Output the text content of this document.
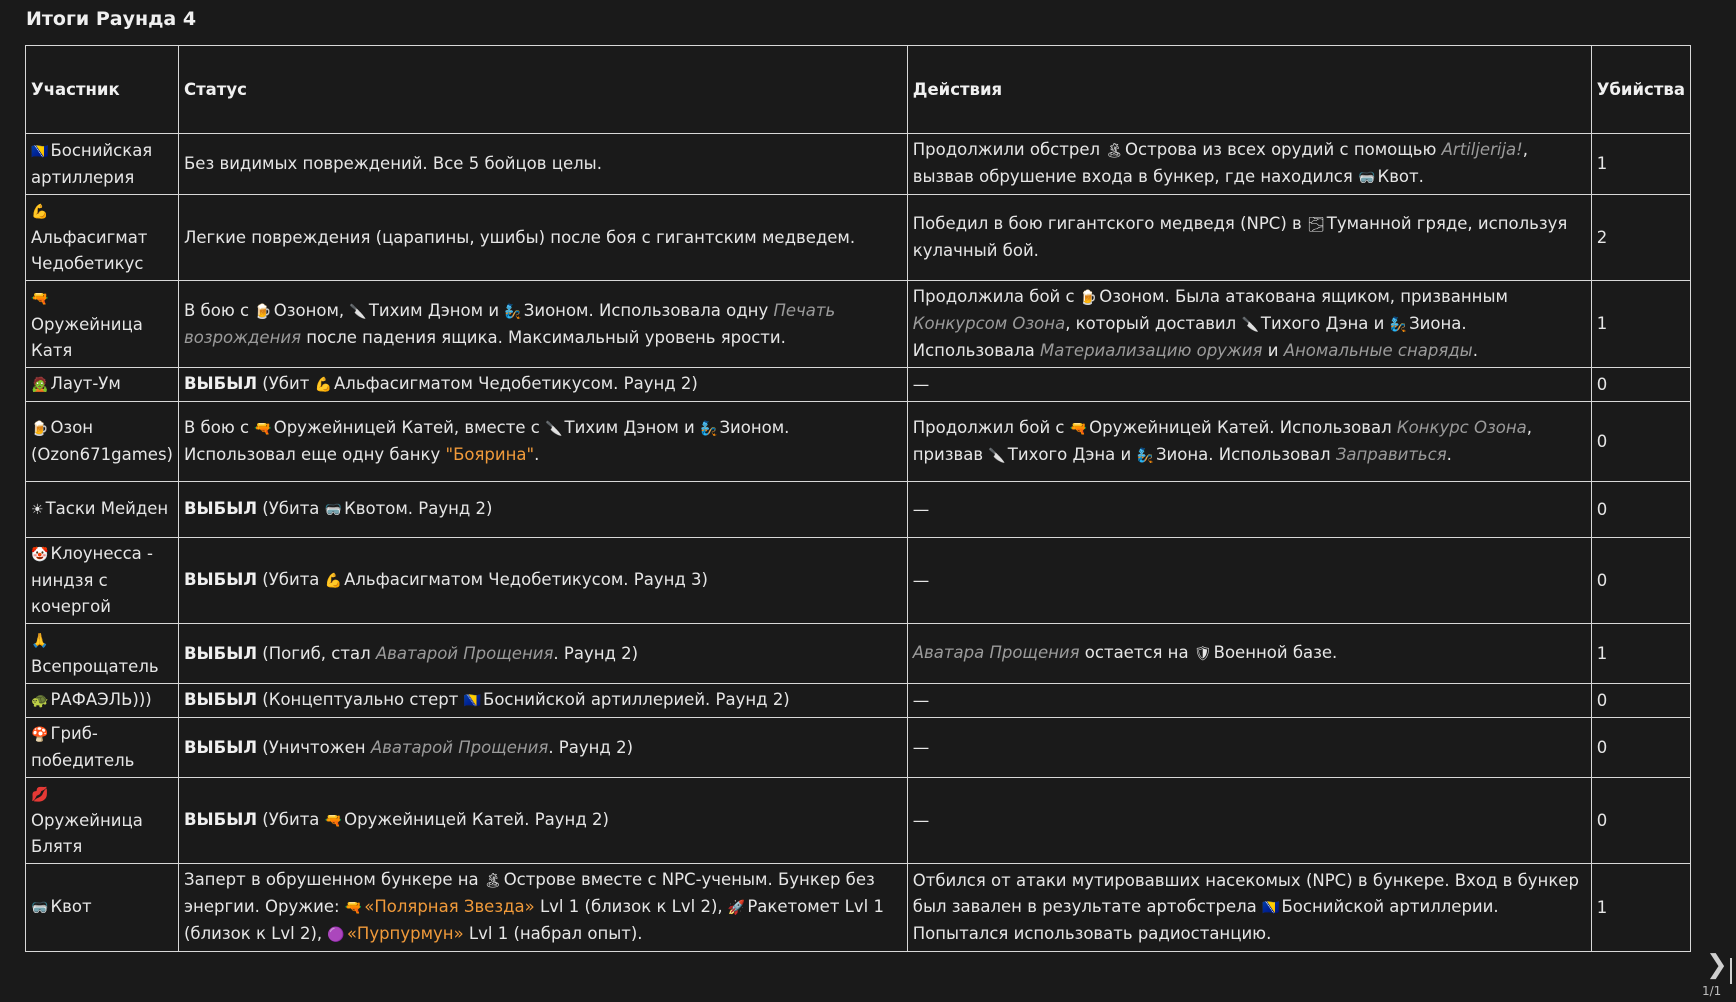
Итоги Раунда 4
Участник	Статус	Действия	Убийства
🇧🇦 Боснийская артиллерия	Без видимых повреждений. Все 5 бойцов целы.	Продолжили обстрел 🏝 Острова из всех орудий с помощью Artiljerija!, вызвав обрушение входа в бункер, где находился 🥽 Квот.	1
💪
Альфасигмат Чедобетикус	Легкие повреждения (царапины, ушибы) после боя с гигантским медведем.	Победил в бою гигантского медведя (NPC) в 🌫 Туманной гряде, используя кулачный бой.	2
🔫
Оружейница Катя	В бою с 🍺 Озоном, 🔪 Тихим Дэном и 🧞 Зионом. Использовала одну Печать возрождения после падения ящика. Максимальный уровень ярости.	Продолжила бой с 🍺 Озоном. Была атакована ящиком, призванным Конкурсом Озона, который доставил 🔪 Тихого Дэна и 🧞 Зиона. Использовала Материализацию оружия и Аномальные снаряды.	1
🧟 Лаут-Ум	ВЫБЫЛ (Убит 💪 Альфасигматом Чедобетикусом. Раунд 2)	—	0
🍺 Озон (Ozon671games)	В бою с 🔫 Оружейницей Катей, вместе с 🔪 Тихим Дэном и 🧞 Зионом. Использовал еще одну банку "Боярина".	Продолжил бой с 🔫 Оружейницей Катей. Использовал Конкурс Озона, призвав 🔪 Тихого Дэна и 🧞 Зиона. Использовал Заправиться.	0
☀ Таски Мейден	ВЫБЫЛ (Убита 🥽 Квотом. Раунд 2)	—	0
🤡 Клоунесса - ниндзя с кочергой	ВЫБЫЛ (Убита 💪 Альфасигматом Чедобетикусом. Раунд 3)	—	0
🙏
Всепрощатель	ВЫБЫЛ (Погиб, стал Аватарой Прощения. Раунд 2)	Аватара Прощения остается на 🛡 Военной базе.	1
🐢 РАФАЭЛЬ)))	ВЫБЫЛ (Концептуально стерт 🇧🇦 Боснийской артиллерией. Раунд 2)	—	0
🍄 Гриб-победитель	ВЫБЫЛ (Уничтожен Аватарой Прощения. Раунд 2)	—	0
💋
Оружейница Блятя	ВЫБЫЛ (Убита 🔫 Оружейницей Катей. Раунд 2)	—	0
🥽 Квот	Заперт в обрушенном бункере на 🏝 Острове вместе с NPC-ученым. Бункер без энергии. Оружие: 🔫 «Полярная Звезда» Lvl 1 (близок к Lvl 2), 🚀 Ракетомет Lvl 1 (близок к Lvl 2), 🟣 «Пурпурмун» Lvl 1 (набрал опыт).	Отбился от атаки мутировавших насекомых (NPC) в бункере. Вход в бункер был завален в результате артобстрела 🇧🇦 Боснийской артиллерии. Попытался использовать радиостанцию.	1
❯
1/1
